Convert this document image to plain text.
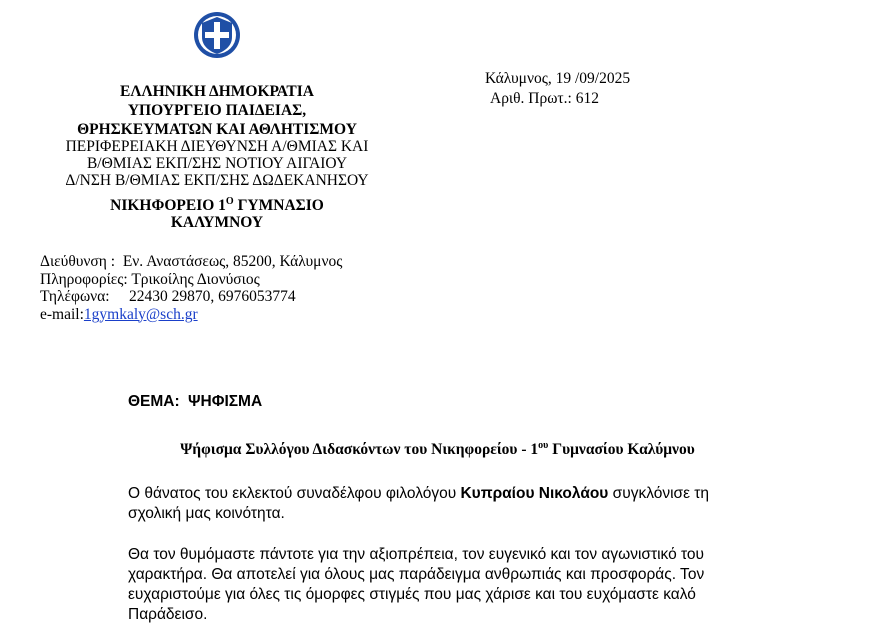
ΕΛΛΗΝΙΚΗ ΔΗΜΟΚΡΑΤΙΑ
ΥΠΟΥΡΓΕΙΟ ΠΑΙΔΕΙΑΣ,
ΘΡΗΣΚΕΥΜΑΤΩΝ ΚΑΙ ΑΘΛΗΤΙΣΜΟΥ
ΠΕΡΙΦΕΡΕΙΑΚΗ ΔΙΕΥΘΥΝΣΗ Α/ΘΜΙΑΣ ΚΑΙ
Β/ΘΜΙΑΣ ΕΚΠ/ΣΗΣ ΝΟΤΙΟΥ ΑΙΓΑΙΟΥ
Δ/ΝΣΗ Β/ΘΜΙΑΣ ΕΚΠ/ΣΗΣ ΔΩΔΕΚΑΝΗΣΟΥ
ΝΙΚΗΦΟΡΕΙΟ $1^O$ ΓΥΜΝΑΣΙΟ
ΚΑΛΥΜΝΟΥ
Κάλυμνος, 19 /09/2025
Αριθ. Πρωτ.: 612
Διεύθυνση :  Εν. Αναστάσεως, 85200, Κάλυμνος
Πληροφορίες: Τρικοίλης Διονύσιος
Τηλέφωνα:     22430 29870, 6976053774
e-mail:1gymkaly@sch.gr
ΘΕΜΑ: ΨΗΦΙΣΜΑ
Ψήφισμα Συλλόγου Διδασκόντων του Νικηφορείου - $1^{o\upsilon}$ Γυμνασίου Καλύμνου
Ο θάνατος του εκλεκτού συναδέλφου φιλολόγου Κυπραίου Νικολάου συγκλόνισε τη
σχολική μας κοινότητα.
Θα τον θυμόμαστε πάντοτε για την αξιοπρέπεια, τον ευγενικό και τον αγωνιστικό του
χαρακτήρα. Θα αποτελεί για όλους μας παράδειγμα ανθρωπιάς και προσφοράς. Τον
ευχαριστούμε για όλες τις όμορφες στιγμές που μας χάρισε και του ευχόμαστε καλό
Παράδεισο.
